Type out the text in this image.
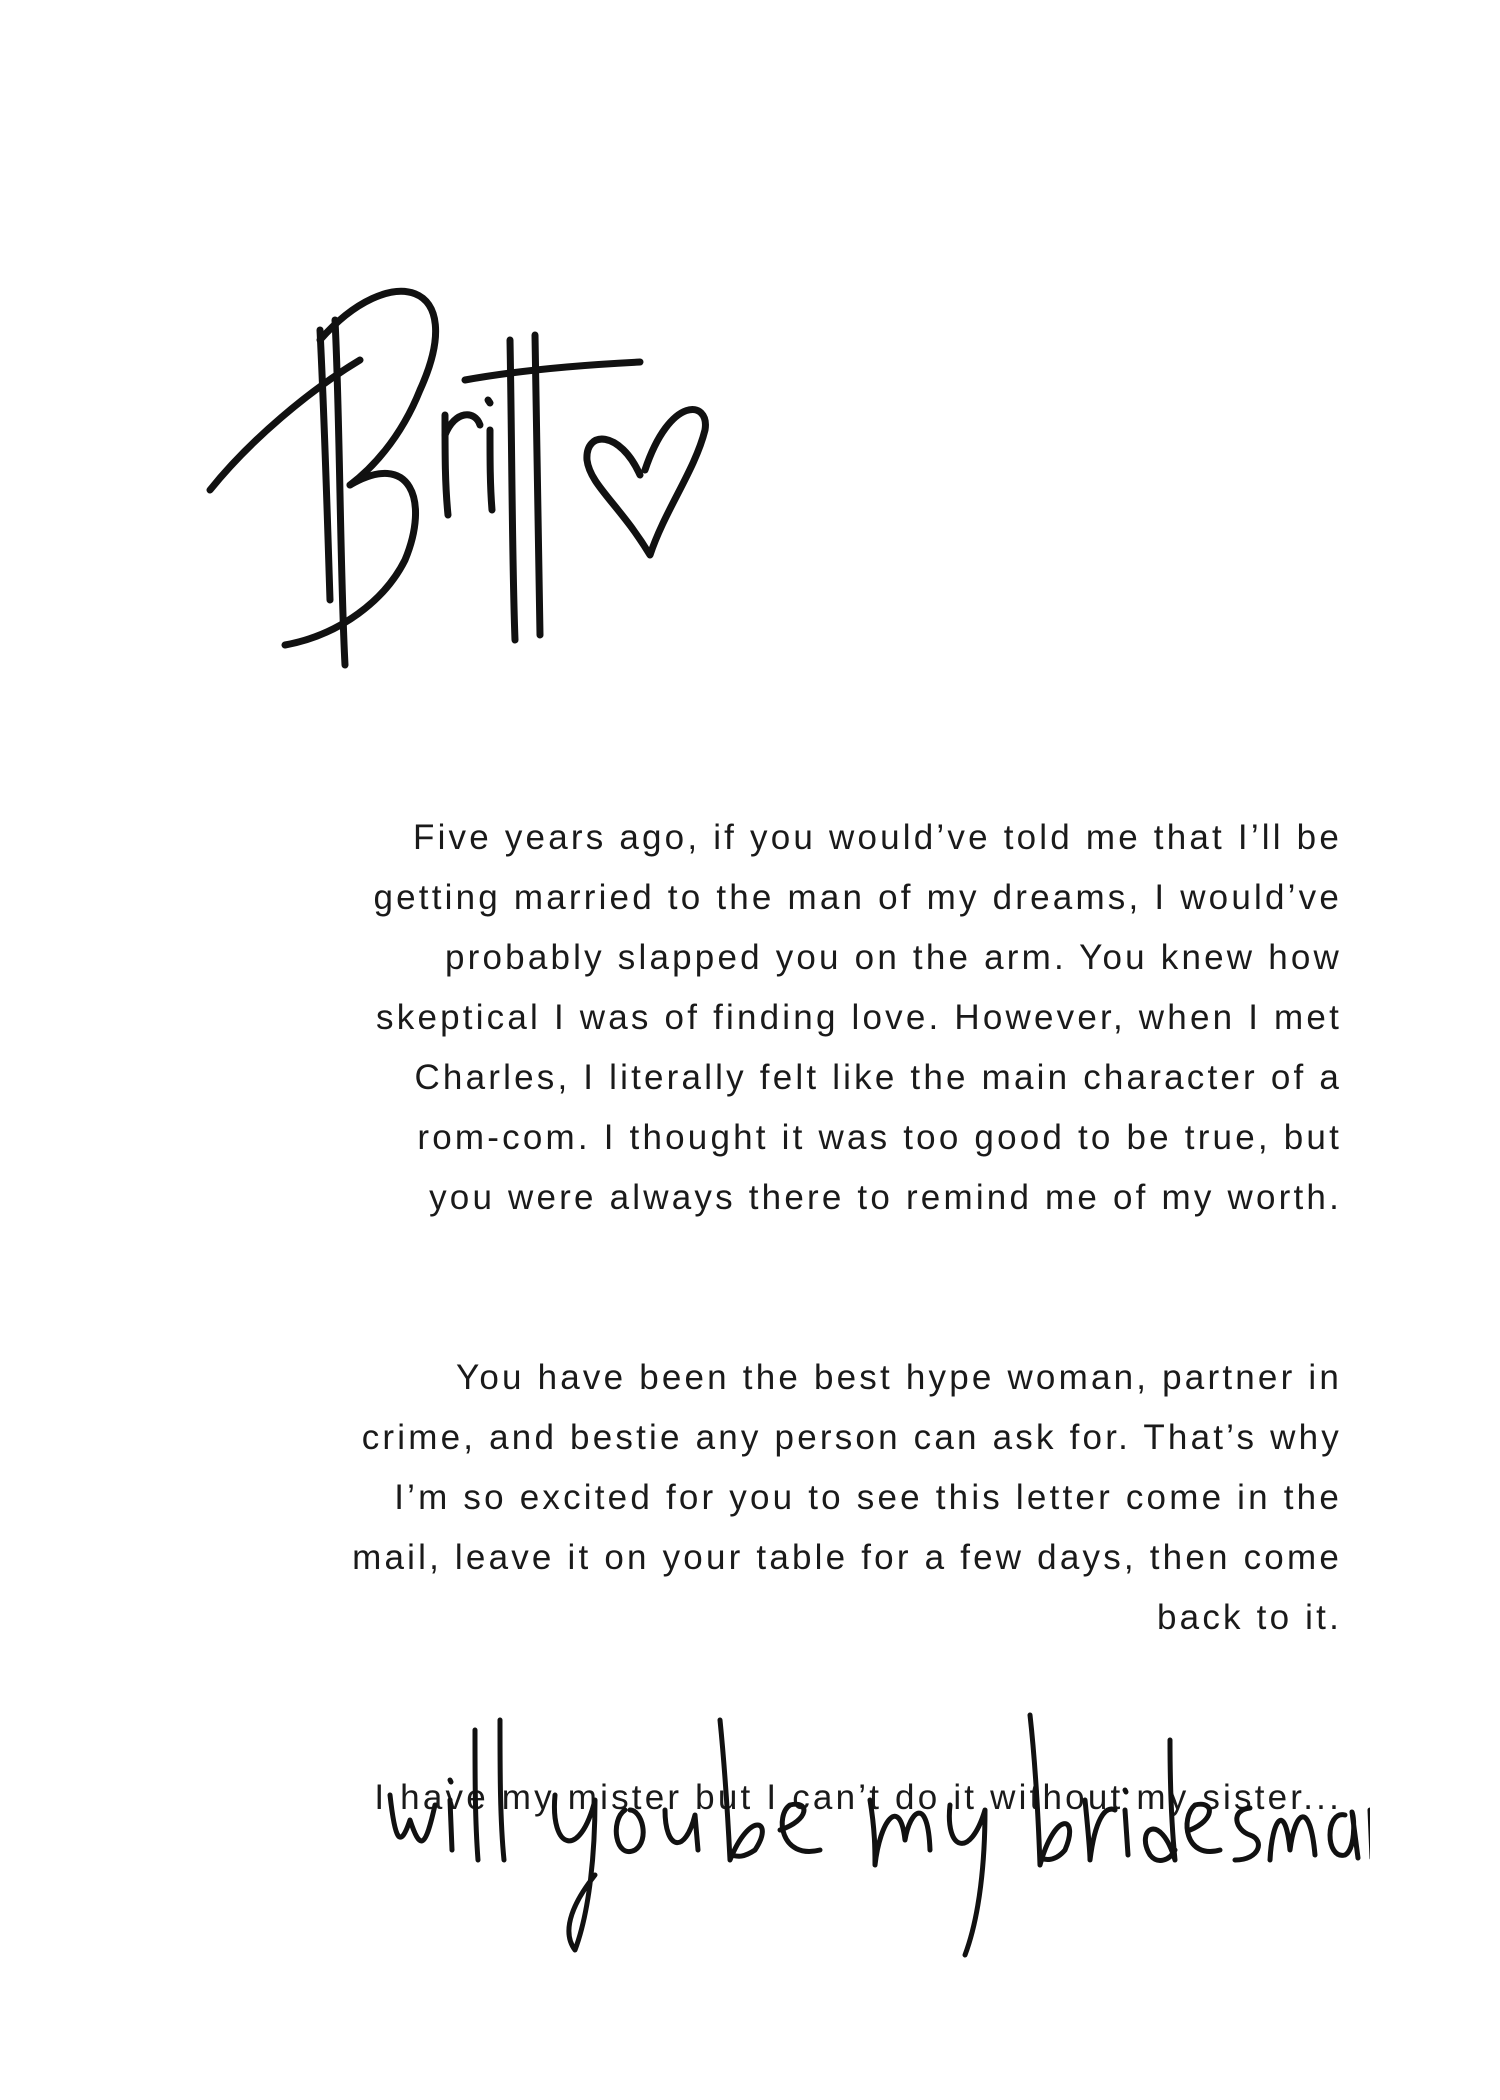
Five years ago, if you would’ve told me that I’ll be
getting married to the man of my dreams, I would’ve
probably slapped you on the arm. You knew how
skeptical I was of finding love. However, when I met
Charles, I literally felt like the main character of a
rom-com. I thought it was too good to be true, but
you were always there to remind me of my worth.

You have been the best hype woman, partner in
crime, and bestie any person can ask for. That’s why
I’m so excited for you to see this letter come in the
mail, leave it on your table for a few days, then come
back to it.

I have my mister but I can’t do it without my sister...
